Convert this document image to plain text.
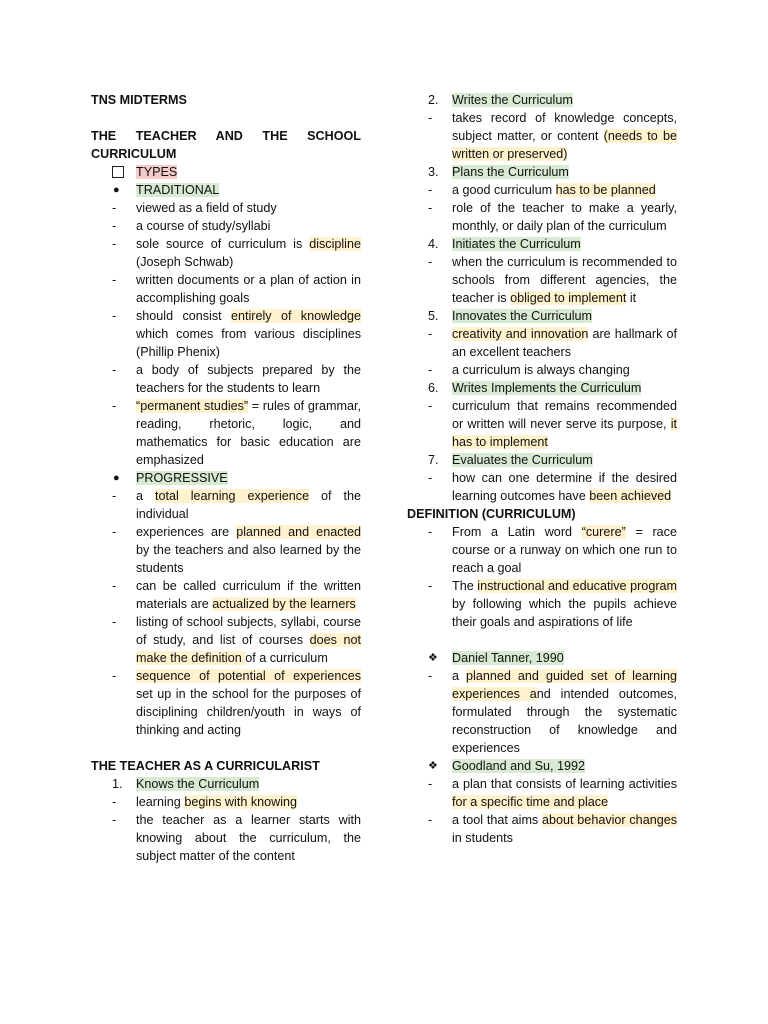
TNS MIDTERMS
THE TEACHER AND THE SCHOOL CURRICULUM
TYPES
●	TRADITIONAL
-	viewed as a field of study
-	a course of study/syllabi
-	sole source of curriculum is discipline (Joseph Schwab)
-	written documents or a plan of action in accomplishing goals
-	should consist entirely of knowledge which comes from various disciplines (Phillip Phenix)
-	a body of subjects prepared by the teachers for the students to learn
-	“permanent studies” = rules of grammar, reading, rhetoric, logic, and mathematics for basic education are emphasized
●	PROGRESSIVE
-	a total learning experience of the individual
-	experiences are planned and enacted by the teachers and also learned by the students
-	can be called curriculum if the written materials are actualized by the learners
-	listing of school subjects, syllabi, course of study, and list of courses does not make the definition of a curriculum
-	sequence of potential of experiences set up in the school for the purposes of disciplining children/youth in ways of thinking and acting
THE TEACHER AS A CURRICULARIST
1.	Knows the Curriculum
-	learning begins with knowing
-	the teacher as a learner starts with knowing about the curriculum, the subject matter of the content
2.	Writes the Curriculum
-	takes record of knowledge concepts, subject matter, or content (needs to be written or preserved)
3.	Plans the Curriculum
-	a good curriculum has to be planned
-	role of the teacher to make a yearly, monthly, or daily plan of the curriculum
4.	Initiates the Curriculum
-	when the curriculum is recommended to schools from different agencies, the teacher is obliged to implement it
5.	Innovates the Curriculum
-	creativity and innovation are hallmark of an excellent teachers
-	a curriculum is always changing
6.	Writes Implements the Curriculum
-	curriculum that remains recommended or written will never serve its purpose, it has to implement
7.	Evaluates the Curriculum
-	how can one determine if the desired learning outcomes have been achieved
DEFINITION (CURRICULUM)
-	From a Latin word “curere” = race course or a runway on which one run to reach a goal
-	The instructional and educative program by following which the pupils achieve their goals and aspirations of life
❖	Daniel Tanner, 1990
-	a planned and guided set of learning experiences and intended outcomes, formulated through the systematic reconstruction of knowledge and experiences
❖	Goodland and Su, 1992
-	a plan that consists of learning activities for a specific time and place
-	a tool that aims about behavior changes in students
